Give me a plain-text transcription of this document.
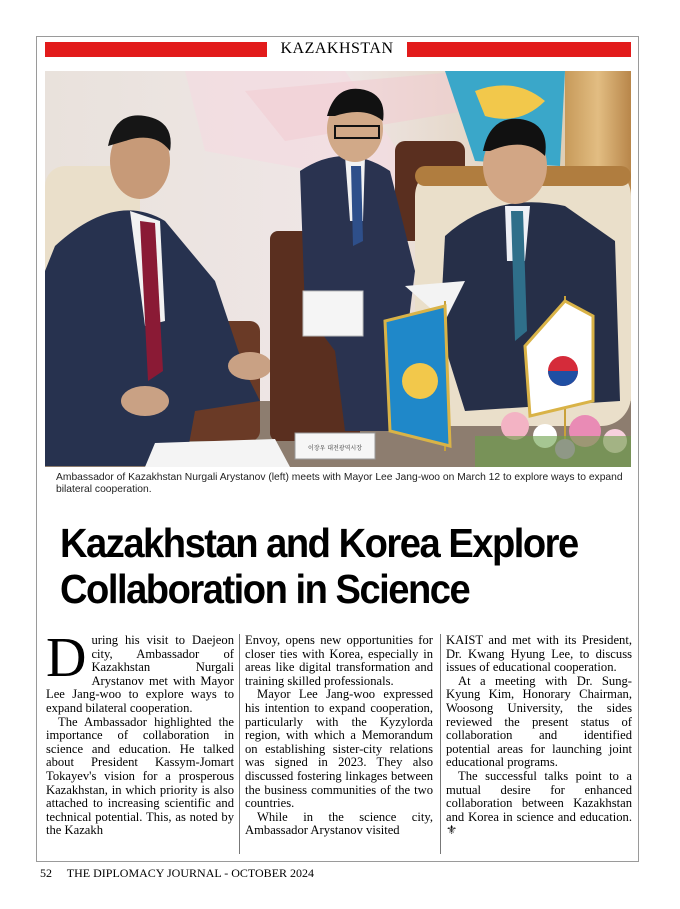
KAZAKHSTAN
이장우 대전광역시장
Ambassador of Kazakhstan Nurgali Arystanov (left) meets with Mayor Lee Jang-woo on March 12 to explore ways to expand bilateral cooperation.
Kazakhstan and Korea Explore
Collaboration in Science

During his visit to Daejeon city, Ambassador of Kazakhstan Nurgali Arystanov met with Mayor Lee Jang-woo to explore ways to expand bilateral cooperation.

The Ambassador highlighted the importance of collaboration in science and education. He talked about President Kassym-Jomart Tokayev's vision for a prosperous Kazakhstan, in which priority is also attached to increasing scientific and technical potential. This, as noted by the Kazakh

Envoy, opens new opportunities for closer ties with Korea, especially in areas like digital transformation and training skilled professionals.

Mayor Lee Jang-woo expressed his intention to expand cooperation, particularly with the Kyzylorda region, with which a Memorandum on establishing sister-city relations was signed in 2023. They also discussed fostering linkages between the business communities of the two countries.

While in the science city, Ambassador Arystanov visited

KAIST and met with its President, Dr. Kwang Hyung Lee, to discuss issues of educational cooperation.

At a meeting with Dr. Sung-Kyung Kim, Honorary Chairman, Woosong University, the sides reviewed the present status of collaboration and identified potential areas for launching joint educational programs.

The successful talks point to a mutual desire for enhanced collaboration between Kazakhstan and Korea in science and education. ⚜

52 THE DIPLOMACY JOURNAL - OCTOBER 2024
